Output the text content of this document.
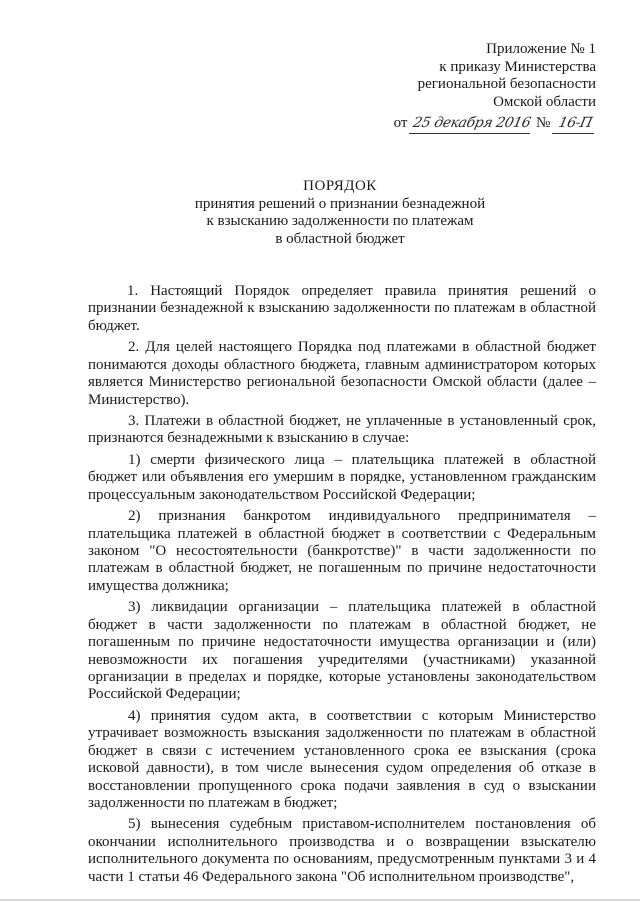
Приложение № 1
к приказу Министерства
региональной безопасности
Омской области
от 25 декабря 2016 № 16-П
ПОРЯДОК
принятия решений о признании безнадежной
к взысканию задолженности по платежам
в областной бюджет

1. Настоящий Порядок определяет правила принятия решений о признании безнадежной к взысканию задолженности по платежам в областной бюджет.

2. Для целей настоящего Порядка под платежами в областной бюджет понимаются доходы областного бюджета, главным администратором которых является Министерство региональной безопасности Омской области (далее – Министерство).

3. Платежи в областной бюджет, не уплаченные в установленный срок, признаются безнадежными к взысканию в случае:

1) смерти физического лица – плательщика платежей в областной бюджет или объявления его умершим в порядке, установленном гражданским процессуальным законодательством Российской Федерации;

2) признания банкротом индивидуального предпринимателя – плательщика платежей в областной бюджет в соответствии с Федеральным законом "О несостоятельности (банкротстве)" в части задолженности по платежам в областной бюджет, не погашенным по причине недостаточности имущества должника;

3) ликвидации организации – плательщика платежей в областной бюджет в части задолженности по платежам в областной бюджет, не погашенным по причине недостаточности имущества организации и (или) невозможности их погашения учредителями (участниками) указанной организации в пределах и порядке, которые установлены законодательством Российской Федерации;

4) принятия судом акта, в соответствии с которым Министерство утрачивает возможность взыскания задолженности по платежам в областной бюджет в связи с истечением установленного срока ее взыскания (срока исковой давности), в том числе вынесения судом определения об отказе в восстановлении пропущенного срока подачи заявления в суд о взыскании задолженности по платежам в бюджет;

5) вынесения судебным приставом-исполнителем постановления об окончании исполнительного производства и о возвращении взыскателю исполнительного документа по основаниям, предусмотренным пунктами 3 и 4 части 1 статьи 46 Федерального закона "Об исполнительном производстве",
